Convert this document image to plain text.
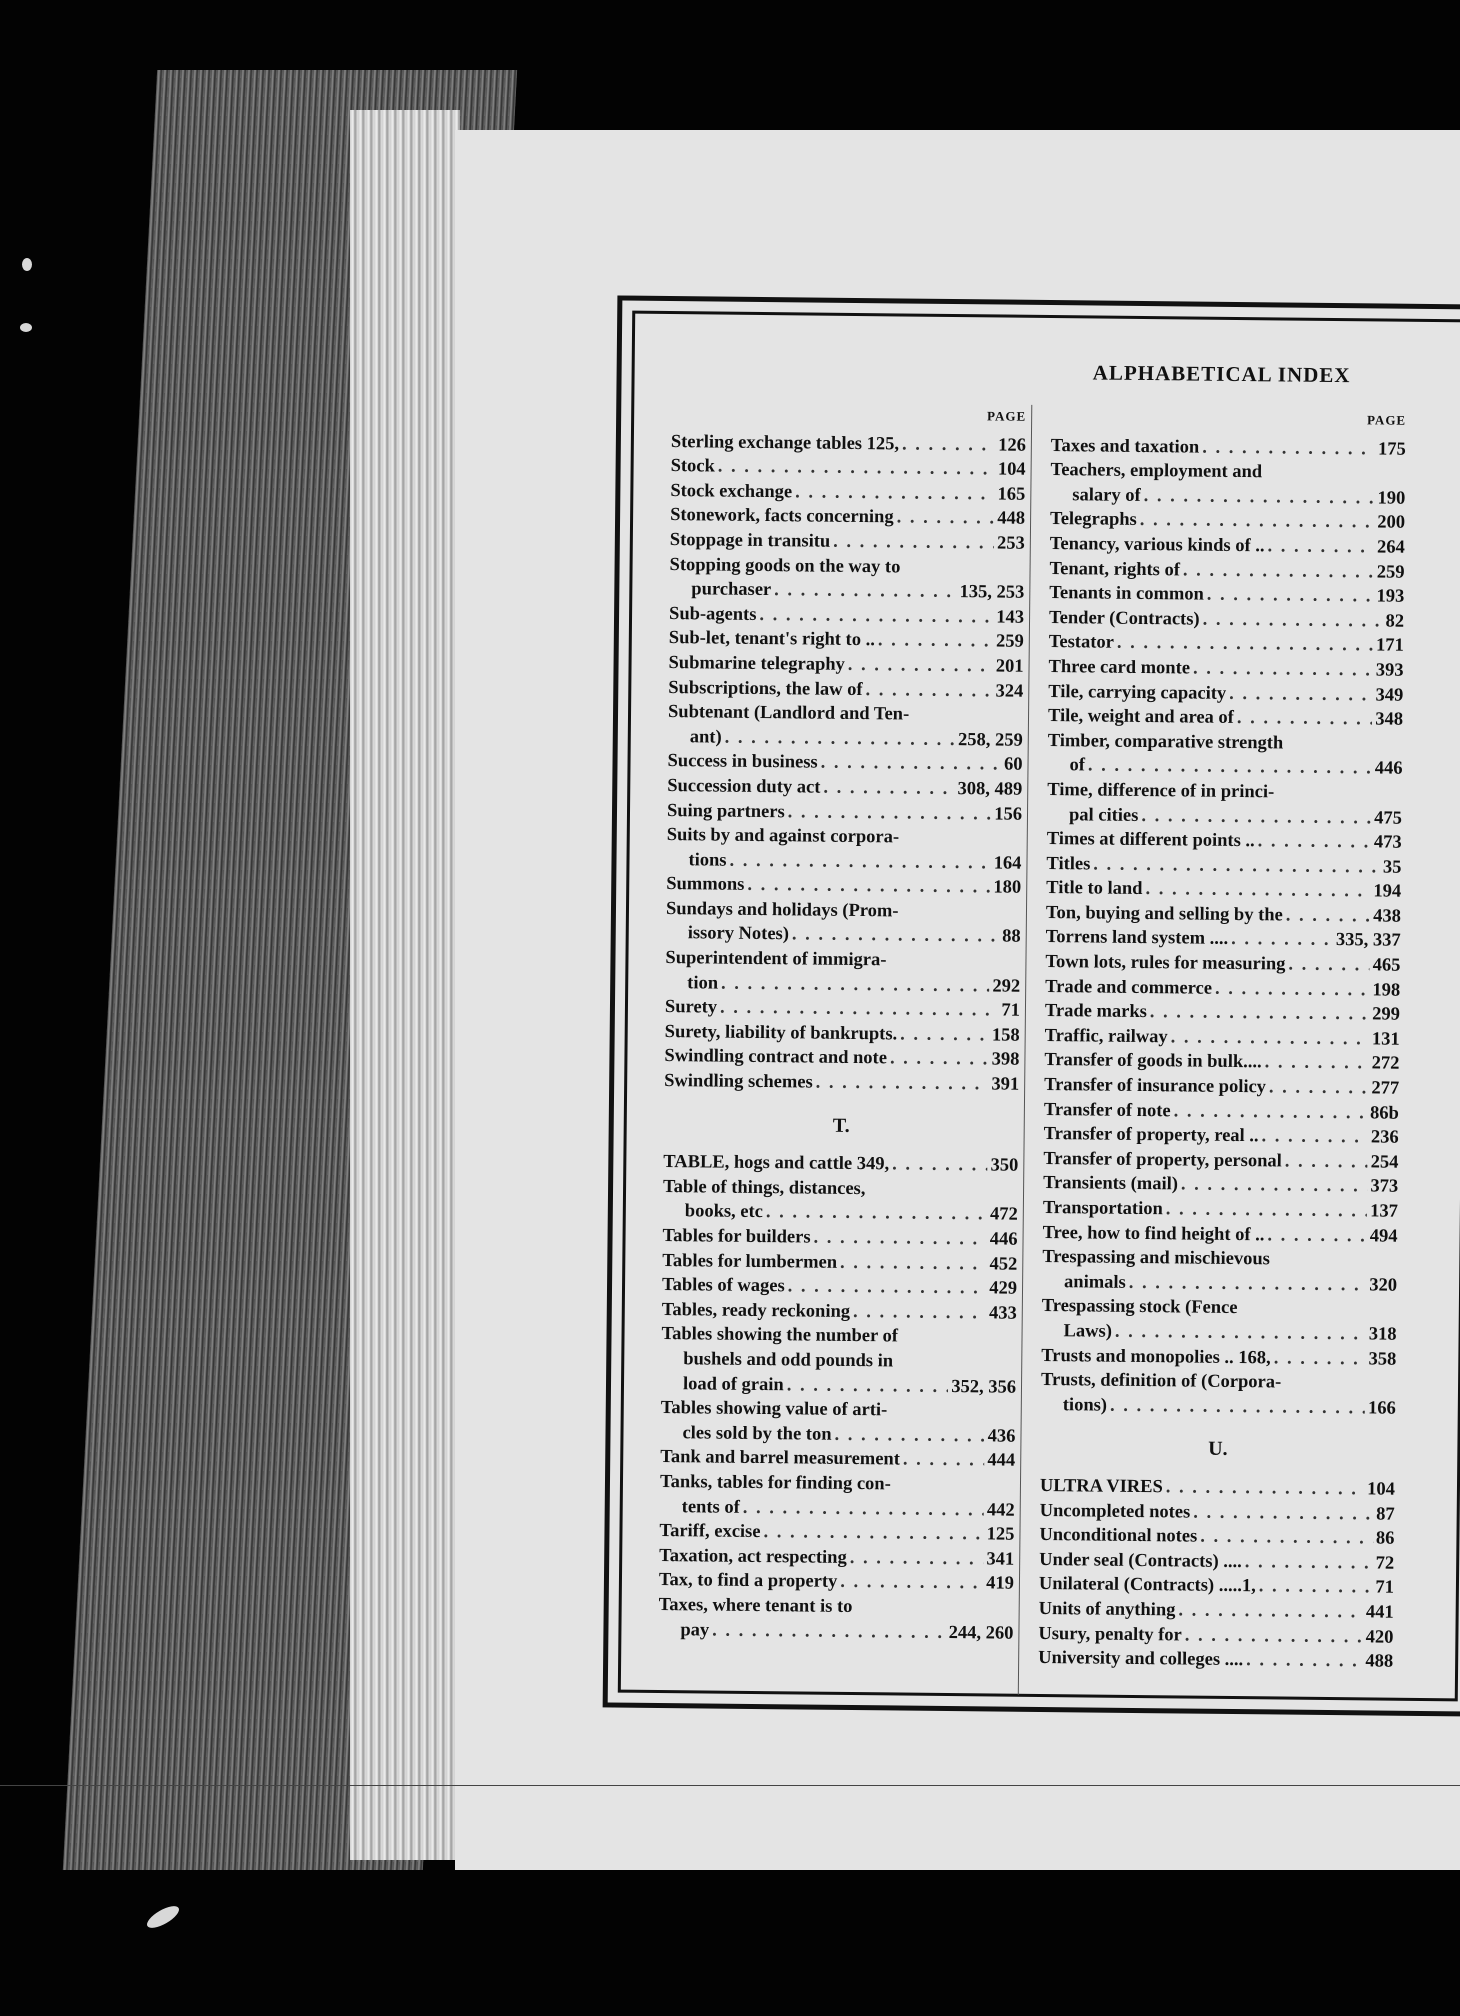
ALPHABETICAL INDEX
PAGE
Sterling exchange tables 125, . . .	126
Stock . . .	104
Stock exchange . . .	165
Stonework, facts concerning . . .	448
Stoppage in transitu . . .	253
Stopping goods on the way to
purchaser . . .	135, 253
Sub-agents . . .	143
Sub-let, tenant's right to .. . . .	259
Submarine telegraphy . . .	201
Subscriptions, the law of . . .	324
Subtenant (Landlord and Ten-
ant) . . .	258, 259
Success in business . . .	60
Succession duty act . . .	308, 489
Suing partners . . .	156
Suits by and against corpora-
tions . . .	164
Summons . . .	180
Sundays and holidays (Prom-
issory Notes) . . .	88
Superintendent of immigra-
tion . . .	292
Surety . . .	71
Surety, liability of bankrupts. . . .	158
Swindling contract and note . . .	398
Swindling schemes . . .	391
T.
TABLE, hogs and cattle 349, . . .	350
Table of things, distances,
books, etc . . .	472
Tables for builders . . .	446
Tables for lumbermen . . .	452
Tables of wages . . .	429
Tables, ready reckoning . . .	433
Tables showing the number of
bushels and odd pounds in
load of grain . . .	352, 356
Tables showing value of arti-
cles sold by the ton . . .	436
Tank and barrel measurement . . .	444
Tanks, tables for finding con-
tents of . . .	442
Tariff, excise . . .	125
Taxation, act respecting . . .	341
Tax, to find a property . . .	419
Taxes, where tenant is to
pay . . .	244, 260
PAGE
Taxes and taxation . . .	175
Teachers, employment and
salary of . . .	190
Telegraphs . . .	200
Tenancy, various kinds of .. . . .	264
Tenant, rights of . . .	259
Tenants in common . . .	193
Tender (Contracts) . . .	82
Testator . . .	171
Three card monte . . .	393
Tile, carrying capacity . . .	349
Tile, weight and area of . . .	348
Timber, comparative strength
of . . .	446
Time, difference of in princi-
pal cities . . .	475
Times at different points .. . . .	473
Titles . . .	35
Title to land . . .	194
Ton, buying and selling by the . . .	438
Torrens land system .... . . .	335, 337
Town lots, rules for measuring . . .	465
Trade and commerce . . .	198
Trade marks . . .	299
Traffic, railway . . .	131
Transfer of goods in bulk.... . . .	272
Transfer of insurance policy . . .	277
Transfer of note . . .	86b
Transfer of property, real .. . . .	236
Transfer of property, personal . . .	254
Transients (mail) . . .	373
Transportation . . .	137
Tree, how to find height of .. . . .	494
Trespassing and mischievous
animals . . .	320
Trespassing stock (Fence
Laws) . . .	318
Trusts and monopolies .. 168, . . .	358
Trusts, definition of (Corpora-
tions) . . .	166
U.
ULTRA VIRES . . .	104
Uncompleted notes . . .	87
Unconditional notes . . .	86
Under seal (Contracts) .... . . .	72
Unilateral (Contracts) .....1, . . .	71
Units of anything . . .	441
Usury, penalty for . . .	420
University and colleges .... . . .	488
